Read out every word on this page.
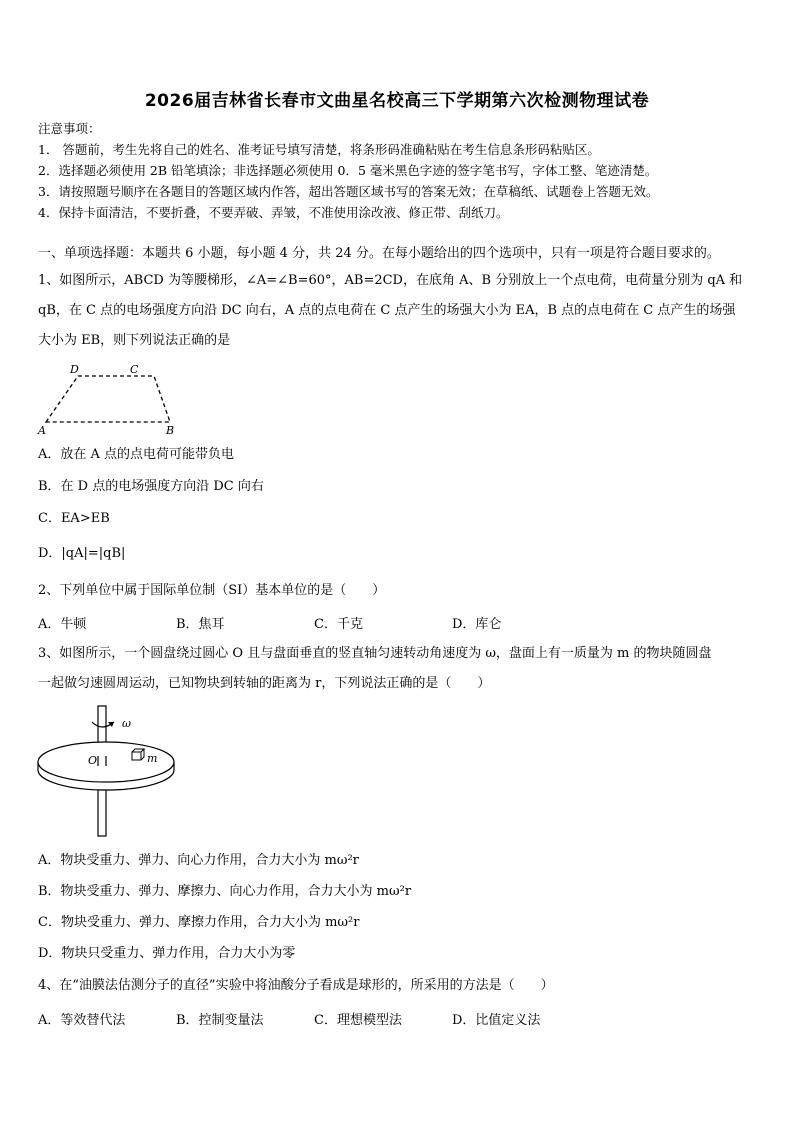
2026届吉林省长春市文曲星名校高三下学期第六次检测物理试卷
注意事项：
1． 答题前，考生先将自己的姓名、准考证号填写清楚，将条形码准确粘贴在考生信息条形码粘贴区。
2．选择题必须使用 2B 铅笔填涂；非选择题必须使用 0．5 毫米黑色字迹的签字笔书写，字体工整、笔迹清楚。
3．请按照题号顺序在各题目的答题区域内作答，超出答题区域书写的答案无效；在草稿纸、试题卷上答题无效。
4．保持卡面清洁，不要折叠，不要弄破、弄皱，不准使用涂改液、修正带、刮纸刀。
一、单项选择题：本题共 6 小题，每小题 4 分，共 24 分。在每小题给出的四个选项中，只有一项是符合题目要求的。
1、如图所示，ABCD 为等腰梯形，∠A=∠B=60°，AB=2CD，在底角 A、B 分别放上一个点电荷，电荷量分别为 qA 和
qB，在 C 点的电场强度方向沿 DC 向右，A 点的点电荷在 C 点产生的场强大小为 EA，B 点的点电荷在 C 点产生的场强
大小为 EB，则下列说法正确的是
D	C
A	B
A．放在 A 点的点电荷可能带负电
B．在 D 点的电场强度方向沿 DC 向右
C．EA>EB
D．|qA|=|qB|
2、下列单位中属于国际单位制（SI）基本单位的是（　　）
A．牛顿	B．焦耳	C．千克	D．库仑
3、如图所示，一个圆盘绕过圆心 O 且与盘面垂直的竖直轴匀速转动角速度为 ω，盘面上有一质量为 m 的物块随圆盘
一起做匀速圆周运动，已知物块到转轴的距离为 r，下列说法正确的是（　　）
ω
O	m
A．物块受重力、弹力、向心力作用，合力大小为 mω²r
B．物块受重力、弹力、摩擦力、向心力作用，合力大小为 mω²r
C．物块受重力、弹力、摩擦力作用，合力大小为 mω²r
D．物块只受重力、弹力作用，合力大小为零
4、在“油膜法估测分子的直径”实验中将油酸分子看成是球形的，所采用的方法是（　　）
A．等效替代法	B．控制变量法	C．理想模型法	D．比值定义法
